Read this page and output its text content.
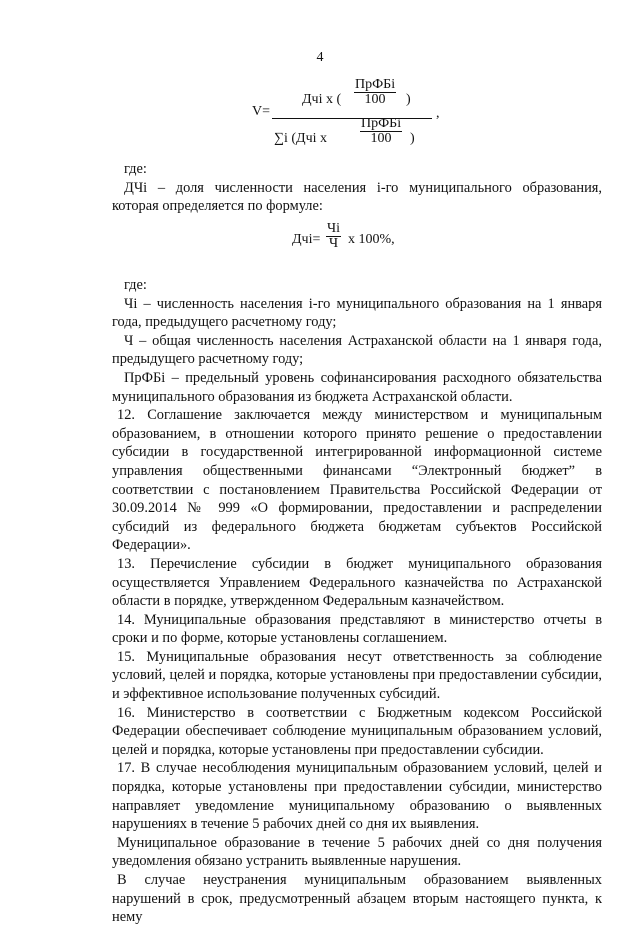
4
V=
Дчi x (
ПрФБi
100	)
∑i (Дчi x
ПрФБi
100	)
,

где:

ДЧi – доля численности населения i-го муниципального образования, которая определяется по формуле:

Дчi=
Чi
Ч x 100%,

где:

Чi – численность населения i-го муниципального образования на 1 января года, предыдущего расчетному году;

Ч – общая численность населения Астраханской области на 1 января года, предыдущего расчетному году;

ПрФБi – предельный уровень софинансирования расходного обязательства муниципального образования из бюджета Астраханской области.

12. Соглашение заключается между министерством и муниципальным образованием, в отношении которого принято решение о предоставлении субсидии в государственной интегрированной информационной системе управления общественными финансами “Электронный бюджет” в соответствии с постановлением Правительства Российской Федерации от 30.09.2014 № 999 «О формировании, предоставлении и распределении субсидий из федерального бюджета бюджетам субъектов Российской Федерации».

13. Перечисление субсидии в бюджет муниципального образования осуществляется Управлением Федерального казначейства по Астраханской области в порядке, утвержденном Федеральным казначейством.

14. Муниципальные образования представляют в министерство отчеты в сроки и по форме, которые установлены соглашением.

15. Муниципальные образования несут ответственность за соблюдение условий, целей и порядка, которые установлены при предоставлении субсидии, и эффективное использование полученных субсидий.

16. Министерство в соответствии с Бюджетным кодексом Российской Федерации обеспечивает соблюдение муниципальным образованием условий, целей и порядка, которые установлены при предоставлении субсидии.

17. В случае несоблюдения муниципальным образованием условий, целей и порядка, которые установлены при предоставлении субсидии, министерство направляет уведомление муниципальному образованию о выявленных нарушениях в течение 5 рабочих дней со дня их выявления.

Муниципальное образование в течение 5 рабочих дней со дня получения уведомления обязано устранить выявленные нарушения.

В случае неустранения муниципальным образованием выявленных нарушений в срок, предусмотренный абзацем вторым настоящего пункта, к нему
